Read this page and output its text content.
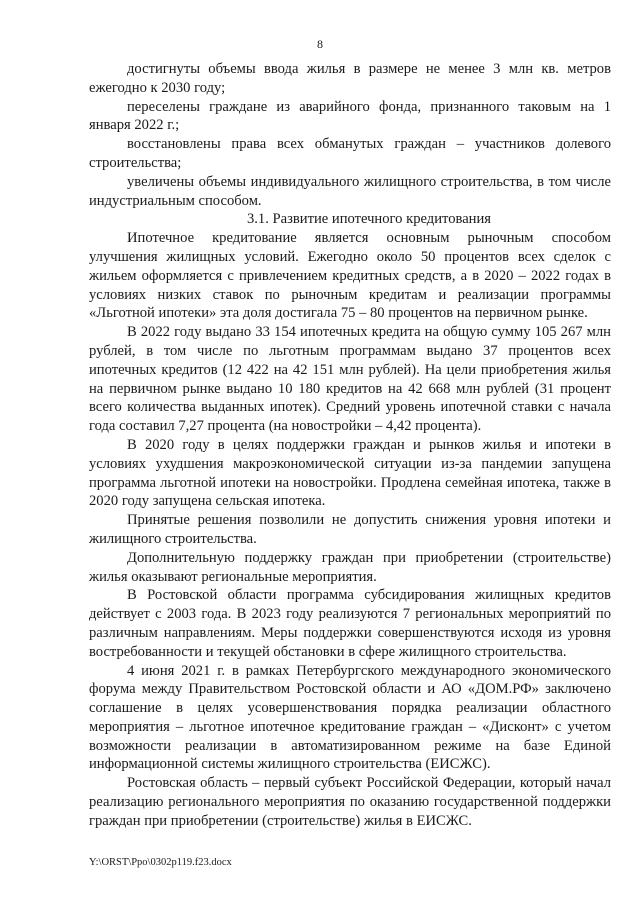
8

достигнуты объемы ввода жилья в размере не менее 3 млн кв. метров ежегодно к 2030 году;

переселены граждане из аварийного фонда, признанного таковым на 1 января 2022 г.;

восстановлены права всех обманутых граждан – участников долевого строительства;

увеличены объемы индивидуального жилищного строительства, в том числе индустриальным способом.

3.1. Развитие ипотечного кредитования

Ипотечное кредитование является основным рыночным способом улучшения жилищных условий. Ежегодно около 50 процентов всех сделок с жильем оформляется с привлечением кредитных средств, а в 2020 – 2022 годах в условиях низких ставок по рыночным кредитам и реализации программы «Льготной ипотеки» эта доля достигала 75 – 80 процентов на первичном рынке.

В 2022 году выдано 33 154 ипотечных кредита на общую сумму 105 267 млн рублей, в том числе по льготным программам выдано 37 процентов всех ипотечных кредитов (12 422 на 42 151 млн рублей). На цели приобретения жилья на первичном рынке выдано 10 180 кредитов на 42 668 млн рублей (31 процент всего количества выданных ипотек). Средний уровень ипотечной ставки с начала года составил 7,27 процента (на новостройки – 4,42 процента).

В 2020 году в целях поддержки граждан и рынков жилья и ипотеки в условиях ухудшения макроэкономической ситуации из-за пандемии запущена программа льготной ипотеки на новостройки. Продлена семейная ипотека, также в 2020 году запущена сельская ипотека.

Принятые решения позволили не допустить снижения уровня ипотеки и жилищного строительства.

Дополнительную поддержку граждан при приобретении (строительстве) жилья оказывают региональные мероприятия.

В Ростовской области программа субсидирования жилищных кредитов действует с 2003 года. В 2023 году реализуются 7 региональных мероприятий по различным направлениям. Меры поддержки совершенствуются исходя из уровня востребованности и текущей обстановки в сфере жилищного строительства.

4 июня 2021 г. в рамках Петербургского международного экономического форума между Правительством Ростовской области и АО «ДОМ.РФ» заключено соглашение в целях усовершенствования порядка реализации областного мероприятия – льготное ипотечное кредитование граждан – «Дисконт» с учетом возможности реализации в автоматизированном режиме на базе Единой информационной системы жилищного строительства (ЕИСЖС).

Ростовская область – первый субъект Российской Федерации, который начал реализацию регионального мероприятия по оказанию государственной поддержки граждан при приобретении (строительстве) жилья в ЕИСЖС.

Y:\ORST\Ppo\0302p119.f23.docx
